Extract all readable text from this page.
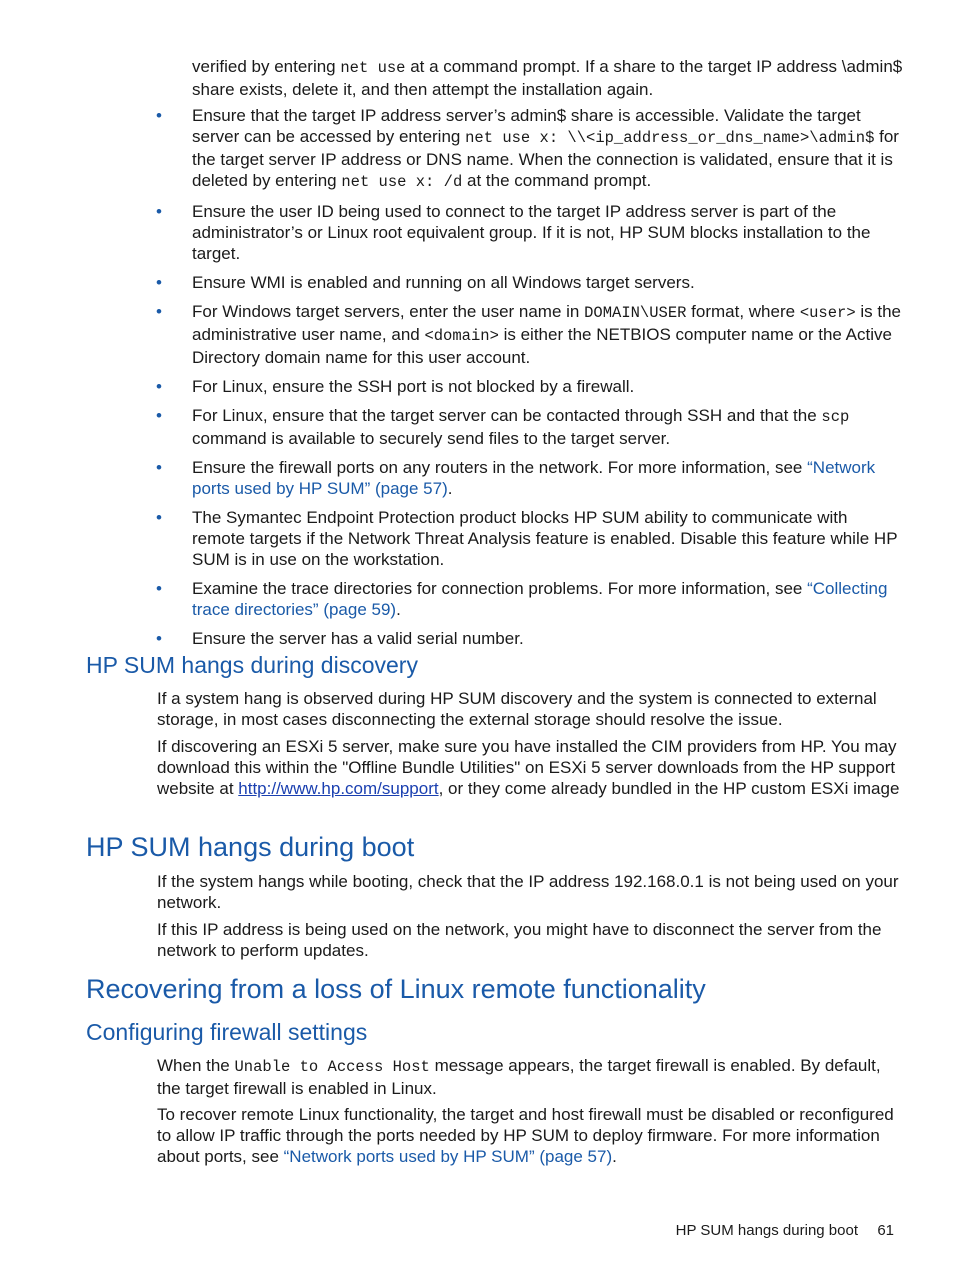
verified by entering net use at a command prompt. If a share to the target IP address \admin$ share exists, delete it, and then attempt the installation again.

• Ensure that the target IP address server’s admin$ share is accessible. Validate the target server can be accessed by entering net use x: \\<ip_address_or_dns_name>\admin$ for the target server IP address or DNS name. When the connection is validated, ensure that it is deleted by entering net use x: /d at the command prompt.
• Ensure the user ID being used to connect to the target IP address server is part of the administrator’s or Linux root equivalent group. If it is not, HP SUM blocks installation to the target.
• Ensure WMI is enabled and running on all Windows target servers.
• For Windows target servers, enter the user name in DOMAIN\USER format, where <user> is the administrative user name, and <domain> is either the NETBIOS computer name or the Active Directory domain name for this user account.
• For Linux, ensure the SSH port is not blocked by a firewall.
• For Linux, ensure that the target server can be contacted through SSH and that the scp command is available to securely send files to the target server.
• Ensure the firewall ports on any routers in the network. For more information, see “Network ports used by HP SUM” (page 57).
• The Symantec Endpoint Protection product blocks HP SUM ability to communicate with remote targets if the Network Threat Analysis feature is enabled. Disable this feature while HP SUM is in use on the workstation.
• Examine the trace directories for connection problems. For more information, see “Collecting trace directories” (page 59).
• Ensure the server has a valid serial number.
HP SUM hangs during discovery

If a system hang is observed during HP SUM discovery and the system is connected to external storage, in most cases disconnecting the external storage should resolve the issue.

If discovering an ESXi 5 server, make sure you have installed the CIM providers from HP. You may download this within the "Offline Bundle Utilities" on ESXi 5 server downloads from the HP support website at http://www.hp.com/support, or they come already bundled in the HP custom ESXi image

HP SUM hangs during boot

If the system hangs while booting, check that the IP address 192.168.0.1 is not being used on your network.

If this IP address is being used on the network, you might have to disconnect the server from the network to perform updates.

Recovering from a loss of Linux remote functionality
Configuring firewall settings

When the Unable to Access Host message appears, the target firewall is enabled. By default, the target firewall is enabled in Linux.

To recover remote Linux functionality, the target and host firewall must be disabled or reconfigured to allow IP traffic through the ports needed by HP SUM to deploy firmware. For more information about ports, see “Network ports used by HP SUM” (page 57).

HP SUM hangs during boot 61
